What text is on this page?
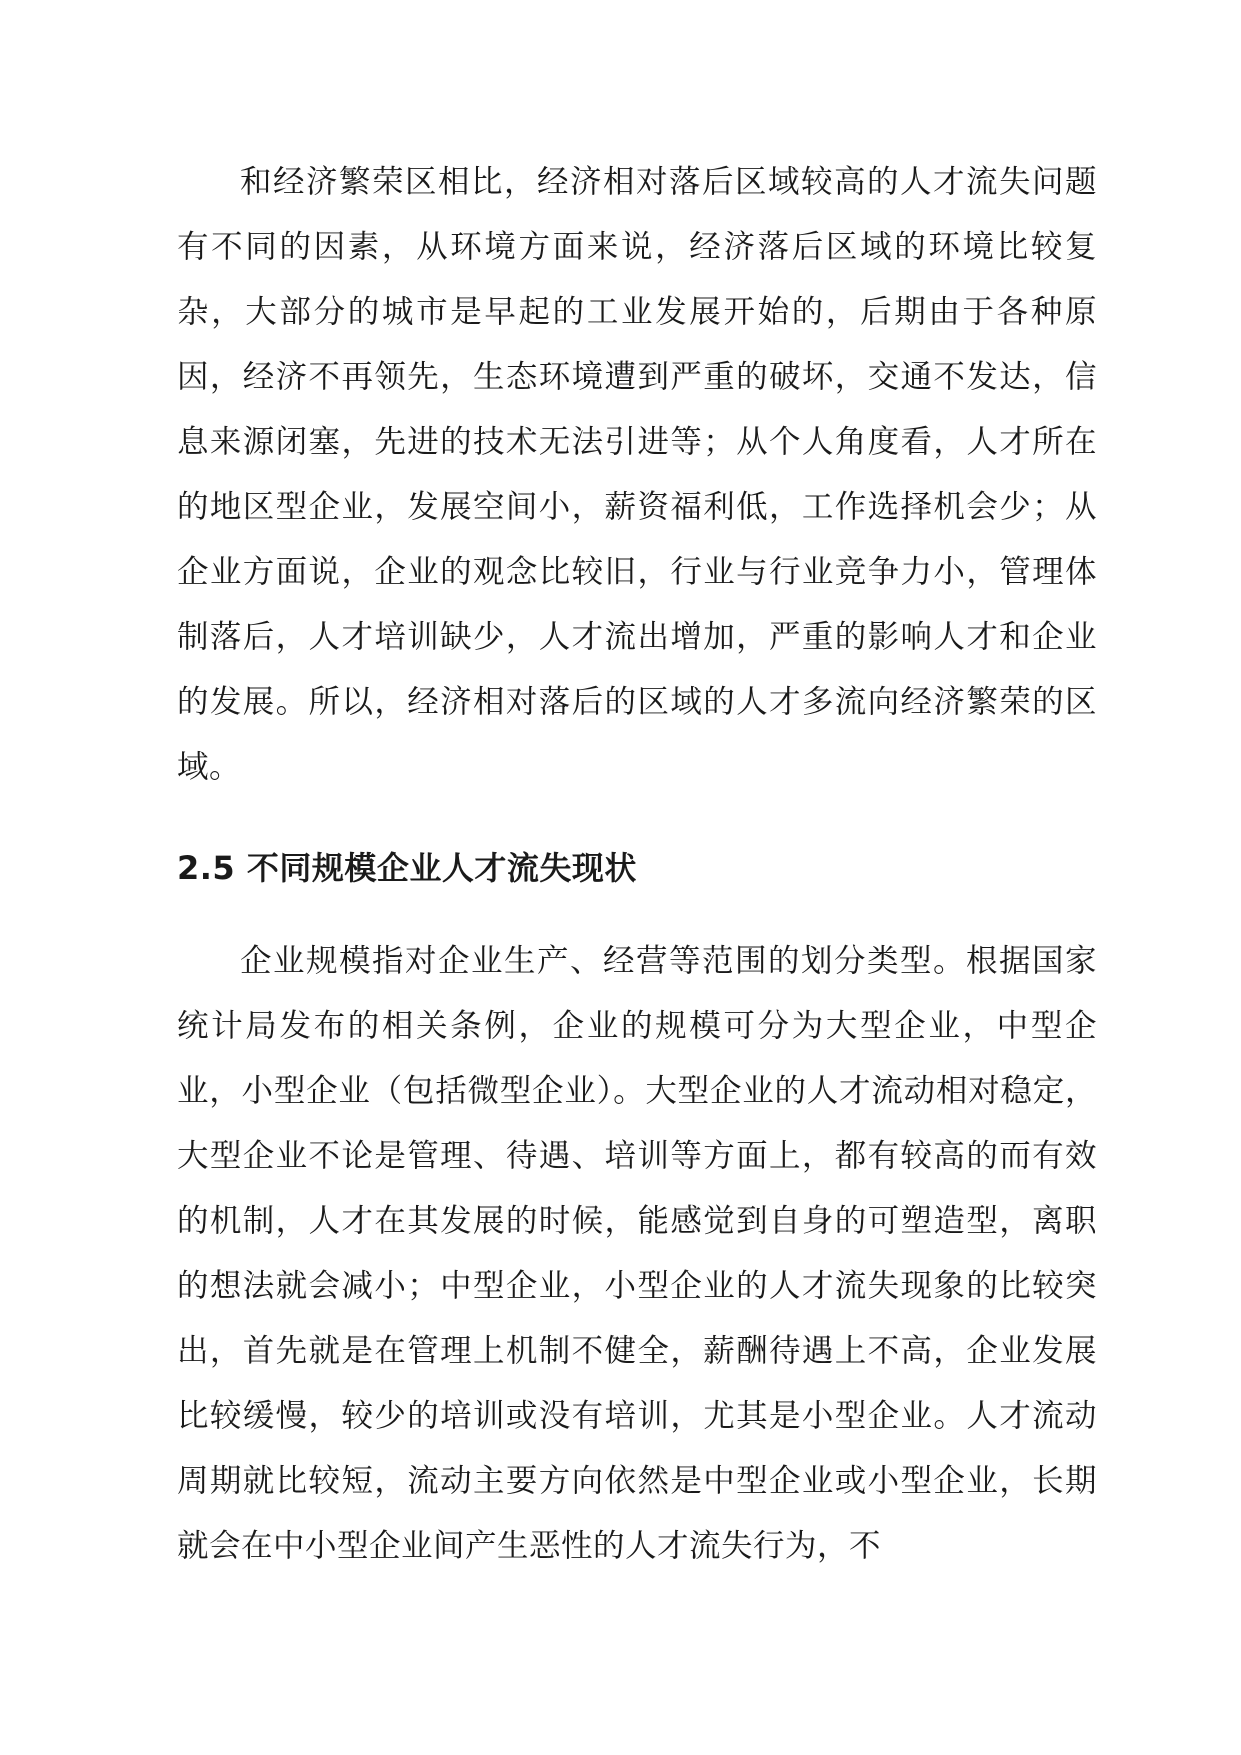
和经济繁荣区相比，经济相对落后区域较高的人才流失问题有不同的因素，从环境方面来说，经济落后区域的环境比较复杂，大部分的城市是早起的工业发展开始的，后期由于各种原因，经济不再领先，生态环境遭到严重的破坏，交通不发达，信息来源闭塞，先进的技术无法引进等；从个人角度看，人才所在的地区型企业，发展空间小，薪资福利低，工作选择机会少；从企业方面说，企业的观念比较旧，行业与行业竞争力小，管理体制落后，人才培训缺少，人才流出增加，严重的影响人才和企业的发展。所以，经济相对落后的区域的人才多流向经济繁荣的区域。

2.5 不同规模企业人才流失现状

企业规模指对企业生产、经营等范围的划分类型。根据国家统计局发布的相关条例，企业的规模可分为大型企业，中型企业，小型企业（包括微型企业）。大型企业的人才流动相对稳定，大型企业不论是管理、待遇、培训等方面上，都有较高的而有效的机制，人才在其发展的时候，能感觉到自身的可塑造型，离职的想法就会减小；中型企业，小型企业的人才流失现象的比较突出，首先就是在管理上机制不健全，薪酬待遇上不高，企业发展比较缓慢，较少的培训或没有培训，尤其是小型企业。人才流动周期就比较短，流动主要方向依然是中型企业或小型企业，长期就会在中小型企业间产生恶性的人才流失行为，不
